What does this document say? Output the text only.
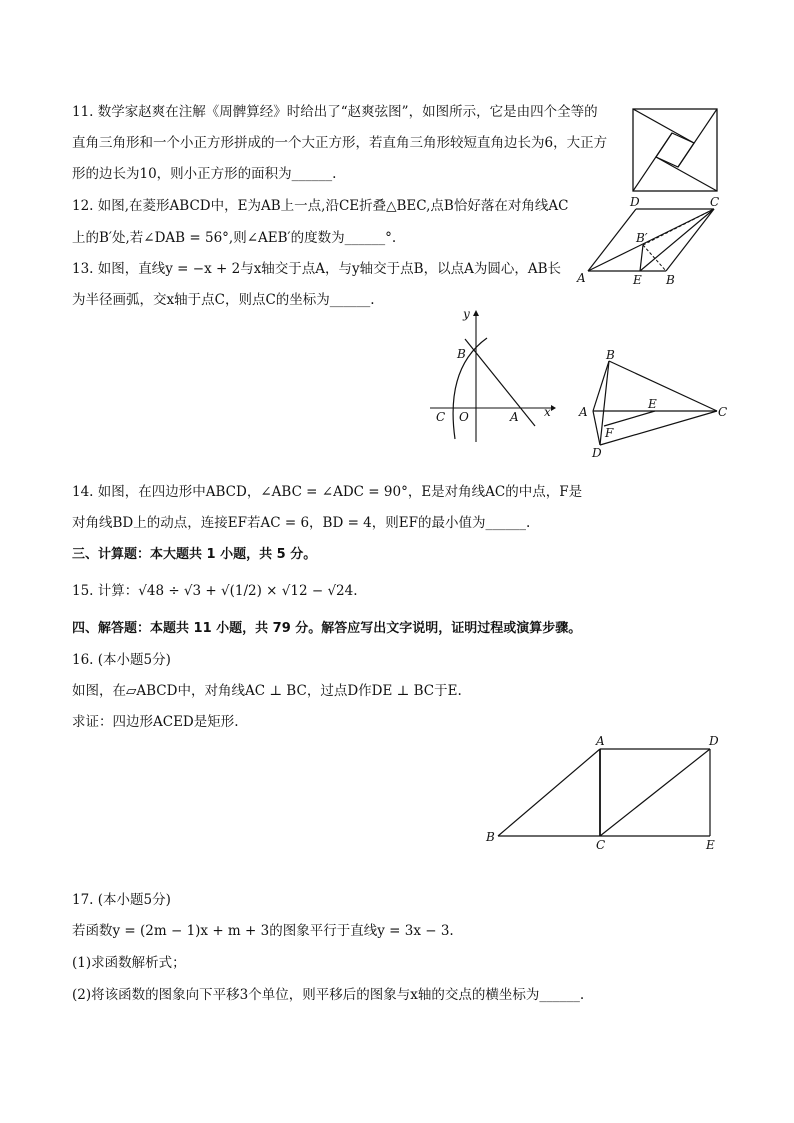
11. 数学家赵爽在注解《周髀算经》时给出了“赵爽弦图”，如图所示，它是由四个全等的
直角三角形和一个小正方形拼成的一个大正方形，若直角三角形较短直角边长为6，大正方
形的边长为10，则小正方形的面积为______.
12. 如图,在菱形ABCD中，E为AB上一点,沿CE折叠△BEC,点B恰好落在对角线AC
上的B′处,若∠DAB = 56°,则∠AEB′的度数为______°.
A
D	C
B
E
B′
13. 如图，直线y = −x + 2与x轴交于点A，与y轴交于点B，以点A为圆心，AB长
为半径画弧，交x轴于点C，则点C的坐标为______.
y
x
B
C O	A
B
A	C
D
E
F
14. 如图，在四边形中ABCD，∠ABC = ∠ADC = 90°，E是对角线AC的中点，F是
对角线BD上的动点，连接EF若AC = 6，BD = 4，则EF的最小值为______.
三、计算题：本大题共 1 小题，共 5 分。
15. 计算：√48 ÷ √3 + √(1/2) × √12 − √24.
四、解答题：本题共 11 小题，共 79 分。解答应写出文字说明，证明过程或演算步骤。
16. (本小题5分)
如图，在▱ABCD中，对角线AC ⊥ BC，过点D作DE ⊥ BC于E.
求证：四边形ACED是矩形.
A	D
B
C	E
17. (本小题5分)
若函数y = (2m − 1)x + m + 3的图象平行于直线y = 3x − 3.
(1)求函数解析式；
(2)将该函数的图象向下平移3个单位，则平移后的图象与x轴的交点的横坐标为______.
